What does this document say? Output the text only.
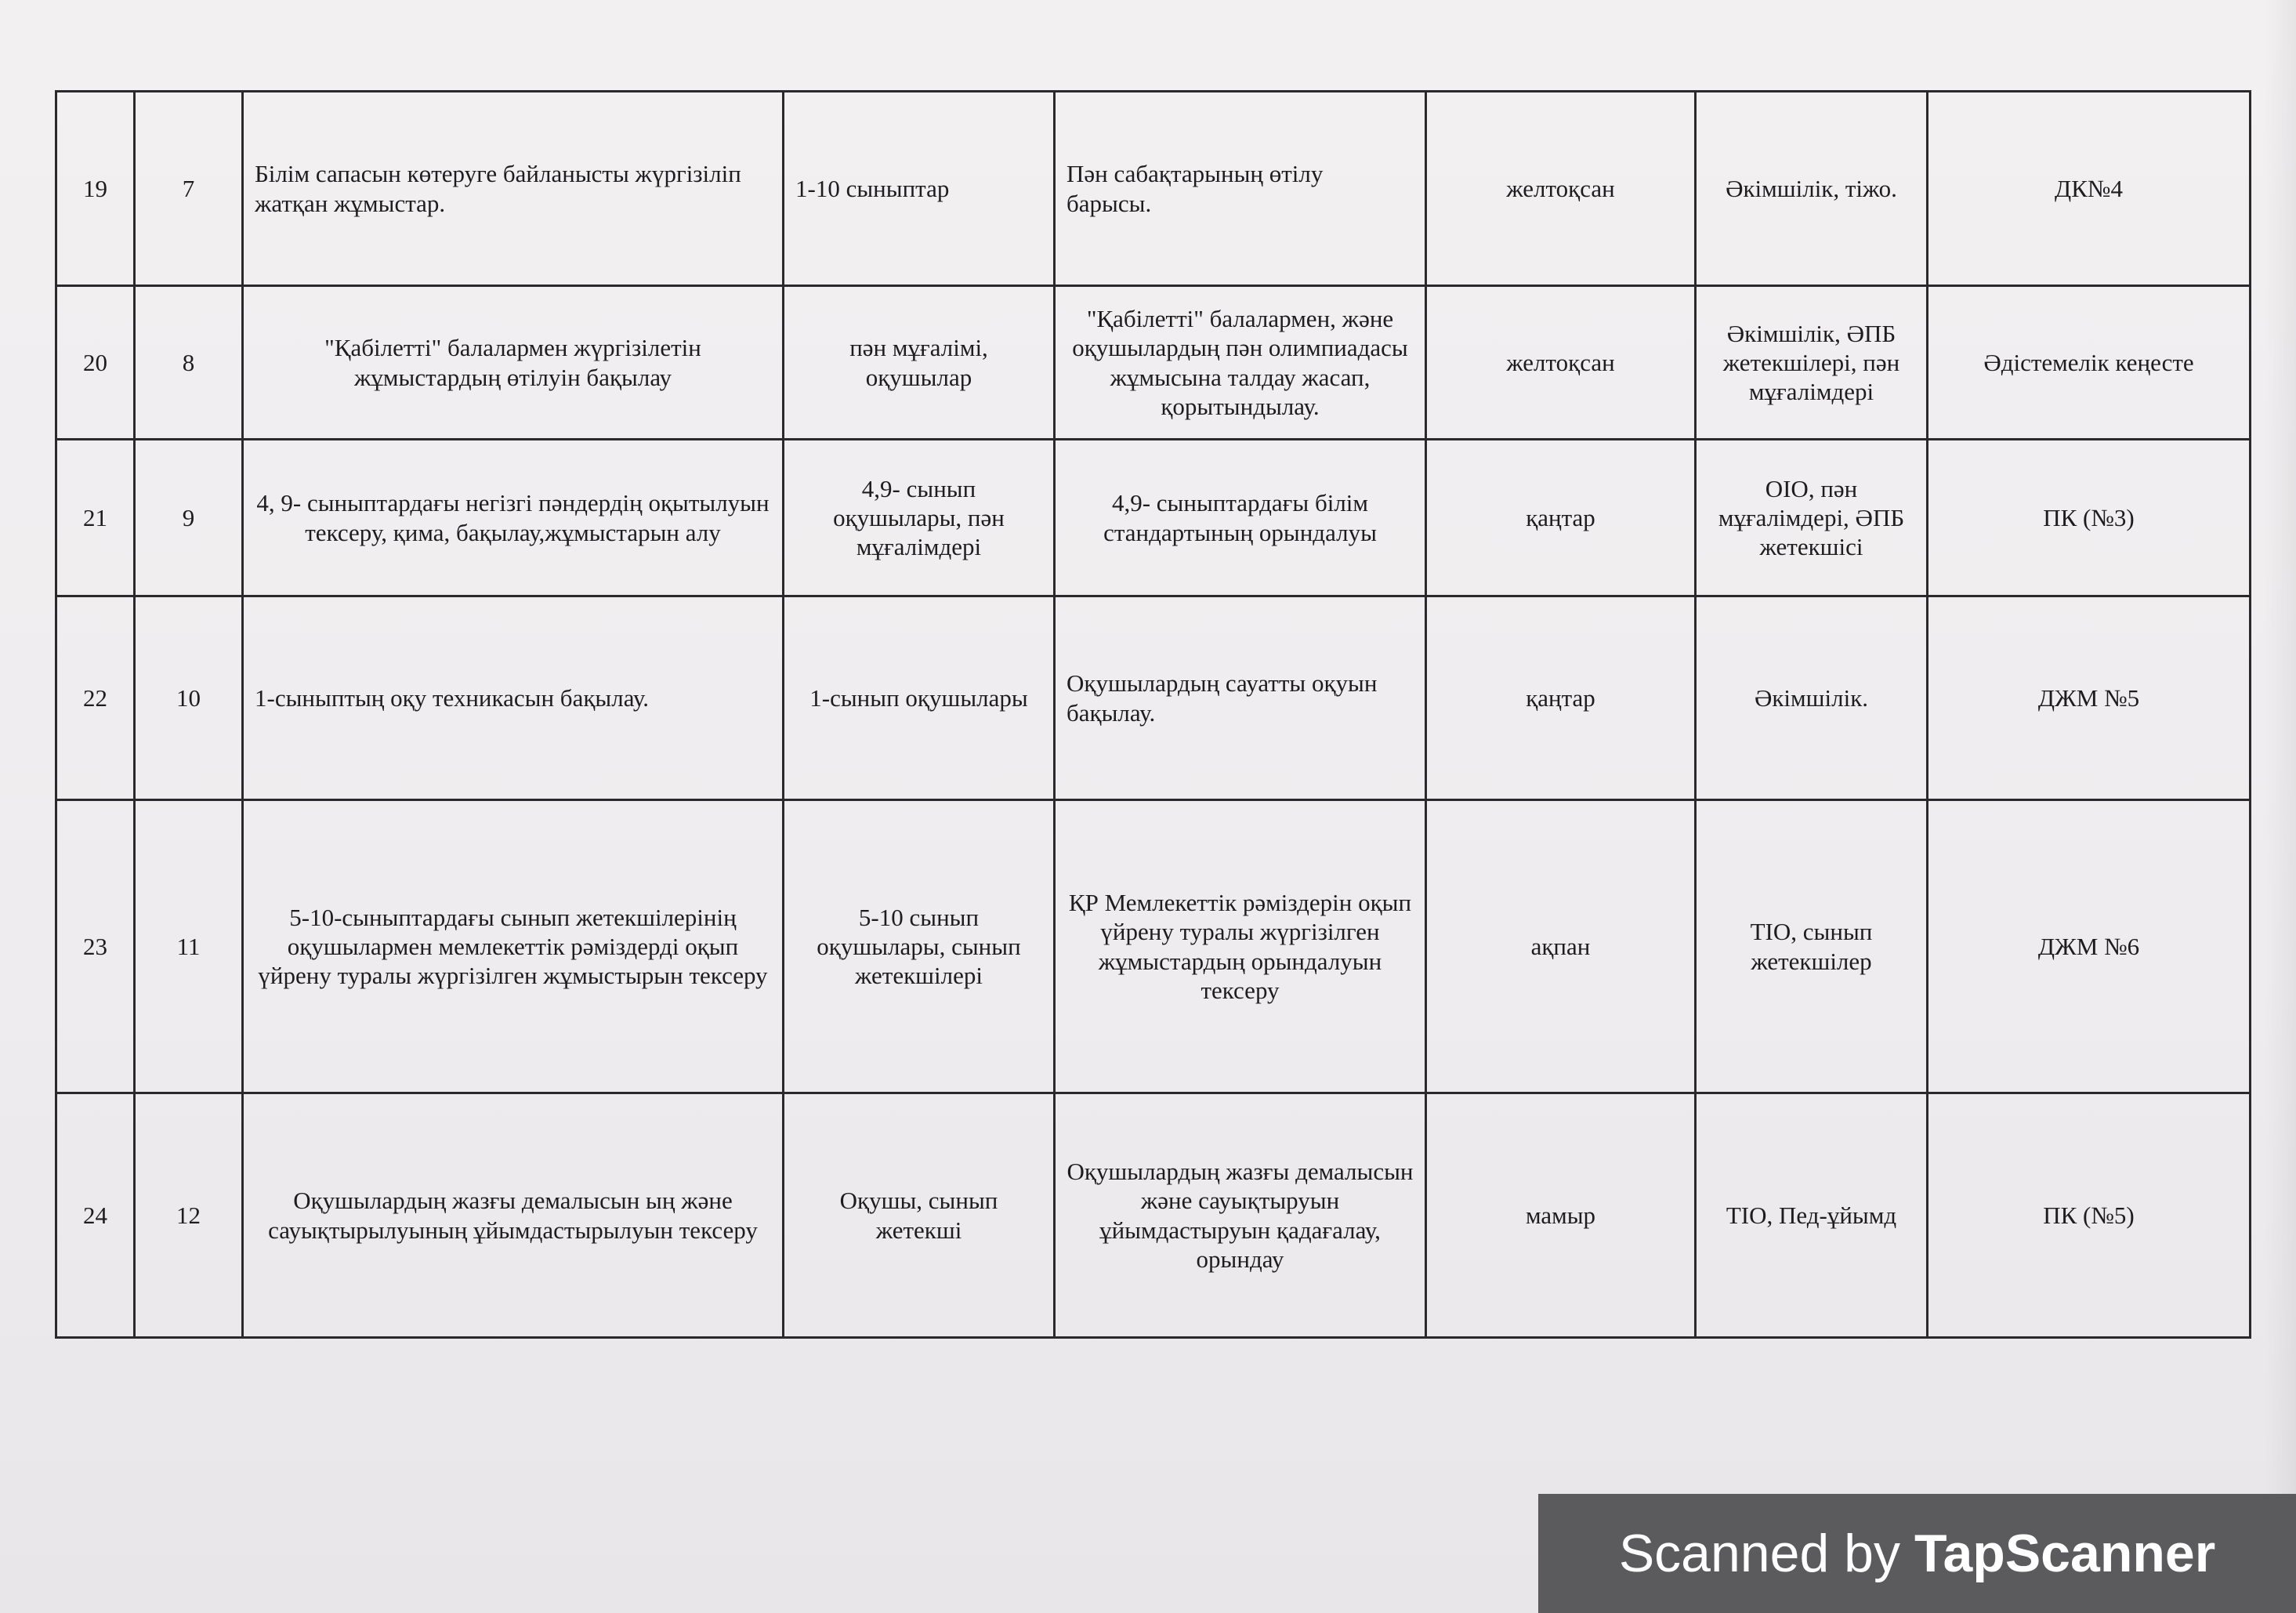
19	7	Білім сапасын көтеруге байланысты жүргізіліп жатқан жұмыстар.	1-10 сыныптар	Пән сабақтарының өтілу барысы.	желтоқсан	Әкімшілік, тіжо.	ДК№4
20	8	"Қабілетті" балалармен жүргізілетін жұмыстардың өтілуін бақылау	пән мұғалімі, оқушылар	"Қабілетті" балалармен, және оқушылардың пән олимпиадасы жұмысына талдау жасап, қорытындылау.	желтоқсан	Әкімшілік, ӘПБ жетекшілері, пән мұғалімдері	Әдістемелік кеңесте
21	9	4, 9- сыныптардағы негізгі пәндердің оқытылуын тексеру, қима, бақылау,жұмыстарын алу	4,9- сынып оқушылары, пән мұғалімдері	4,9- сыныптардағы білім стандартының орындалуы	қаңтар	ОІО, пән мұғалімдері, ӘПБ жетекшісі	ПК (№3)
22	10	1-сыныптың оқу техникасын бақылау.	1-сынып оқушылары	Оқушылардың сауатты оқуын бақылау.	қаңтар	Әкімшілік.	ДЖМ №5
23	11	5-10-сыныптардағы сынып жетекшілерінің оқушылармен мемлекеттік рәміздерді оқып үйрену туралы жүргізілген жұмыстырын тексеру	5-10 сынып оқушылары, сынып жетекшілері	ҚР Мемлекеттік рәміздерін оқып үйрену туралы жүргізілген жұмыстардың орындалуын тексеру	ақпан	ТІО, сынып жетекшілер	ДЖМ №6
24	12	Оқушылардың жазғы демалысын ың және сауықтырылуының ұйымдастырылуын тексеру	Оқушы, сынып жетекші	Оқушылардың жазғы демалысын және сауықтыруын ұйымдастыруын қадағалау, орындау	мамыр	ТІО, Пед-ұйымд	ПК (№5)
Scanned by TapScanner
